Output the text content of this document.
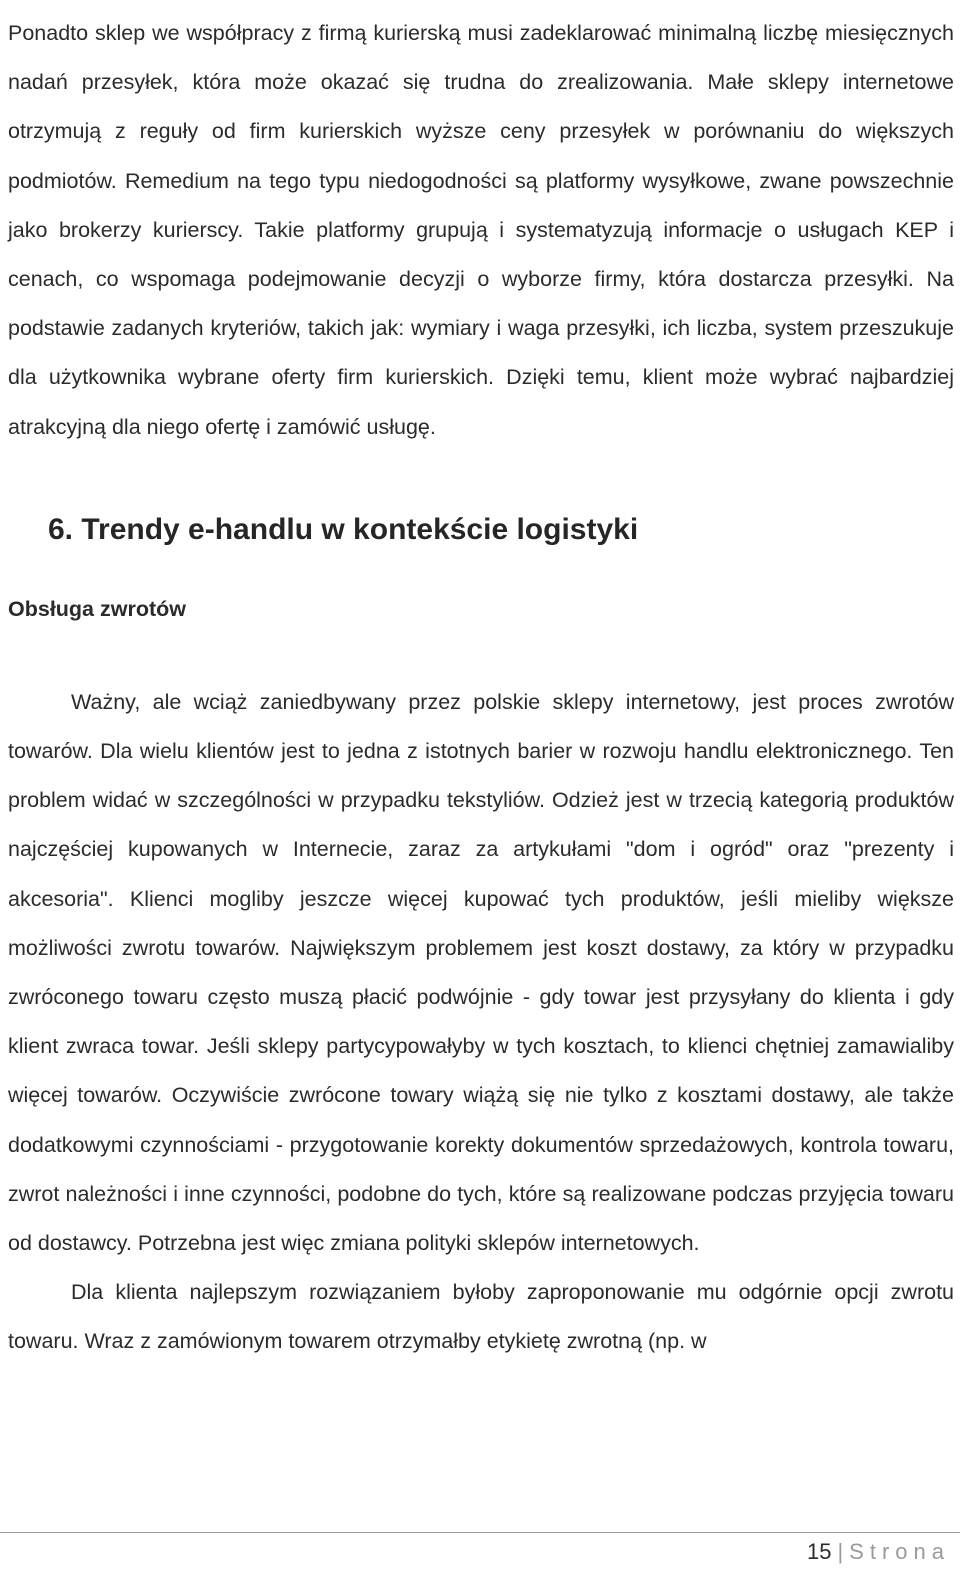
Ponadto sklep we współpracy z firmą kurierską musi zadeklarować minimalną liczbę miesięcznych nadań przesyłek, która może okazać się trudna do zrealizowania. Małe sklepy internetowe otrzymują z reguły od firm kurierskich wyższe ceny przesyłek w porównaniu do większych podmiotów. Remedium na tego typu niedogodności są platformy wysyłkowe, zwane powszechnie jako brokerzy kurierscy. Takie platformy grupują i systematyzują informacje o usługach KEP i cenach, co wspomaga podejmowanie decyzji o wyborze firmy, która dostarcza przesyłki. Na podstawie zadanych kryteriów, takich jak: wymiary i waga przesyłki, ich liczba, system przeszukuje dla użytkownika wybrane oferty firm kurierskich. Dzięki temu, klient może wybrać najbardziej atrakcyjną dla niego ofertę i zamówić usługę.

6. Trendy e-handlu w kontekście logistyki
Obsługa zwrotów

Ważny, ale wciąż zaniedbywany przez polskie sklepy internetowy, jest proces zwrotów towarów. Dla wielu klientów jest to jedna z istotnych barier w rozwoju handlu elektronicznego. Ten problem widać w szczególności w przypadku tekstyliów. Odzież jest w trzecią kategorią produktów najczęściej kupowanych w Internecie, zaraz za artykułami "dom i ogród" oraz "prezenty i akcesoria". Klienci mogliby jeszcze więcej kupować tych produktów, jeśli mieliby większe możliwości zwrotu towarów. Największym problemem jest koszt dostawy, za który w przypadku zwróconego towaru często muszą płacić podwójnie - gdy towar jest przysyłany do klienta i gdy klient zwraca towar. Jeśli sklepy partycypowałyby w tych kosztach, to klienci chętniej zamawialiby więcej towarów. Oczywiście zwrócone towary wiążą się nie tylko z kosztami dostawy, ale także dodatkowymi czynnościami - przygotowanie korekty dokumentów sprzedażowych, kontrola towaru, zwrot należności i inne czynności, podobne do tych, które są realizowane podczas przyjęcia towaru od dostawcy. Potrzebna jest więc zmiana polityki sklepów internetowych.

Dla klienta najlepszym rozwiązaniem byłoby zaproponowanie mu odgórnie opcji zwrotu towaru. Wraz z zamówionym towarem otrzymałby etykietę zwrotną (np. w

15 | Strona
